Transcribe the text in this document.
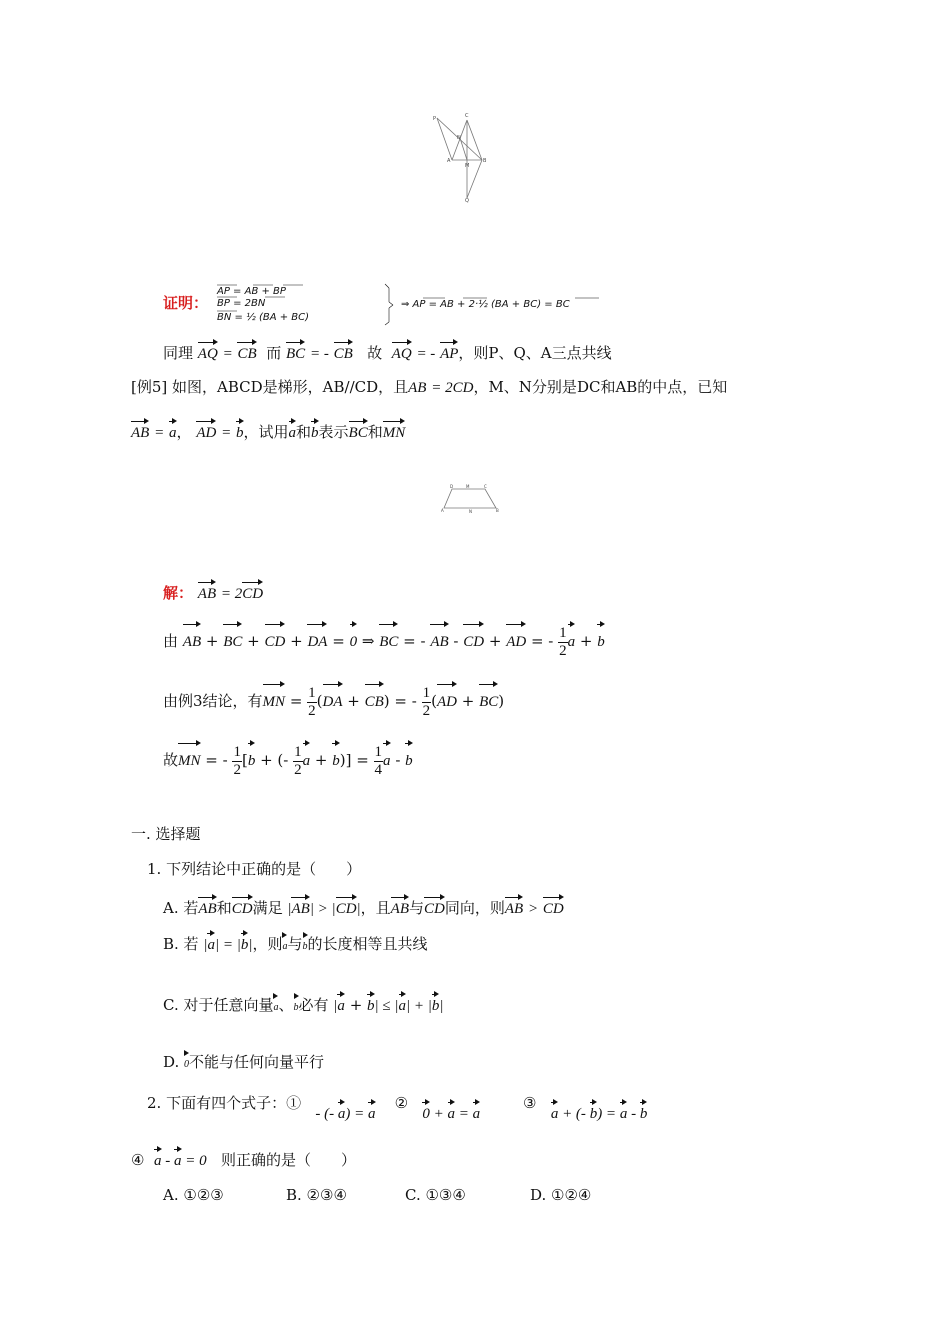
P	C
N
A	B
M
Q
证明：
AP = AB + BP
BP = 2BN
BN = ½ (BA + BC)
⇒ AP = AB + 2·½ (BA + BC) = BC
同理 AQ = CB 而 BC = - CB 故 AQ = - AP，则P、Q、A三点共线
[例5] 如图，ABCD是梯形，AB//CD，且AB = 2CD，M、N分别是DC和AB的中点，已知
AB = a， AD = b，试用a和b表示BC和MN
D	M	C
A	N	B
解： AB = 2CD
由 AB + BC + CD + DA = 0 ⇒ BC = - AB - CD + AD = - $\frac{1}{2}$ a + b
由例3结论，有MN = $\frac{1}{2} (DA + CB)$ = - $\frac{1}{2} (AD + BC)$
故MN = - $\frac{1}{2} [b$ + (- $\frac{1}{2}$ $a + b)] = \frac{1}{4}$ a - b
一. 选择题
1. 下列结论中正确的是（　　）
A. 若AB和CD满足 |AB| > |CD|，且AB与CD同向，则AB > CD
B. 若 |a| = |b|，则a与b的长度相等且共线
C. 对于任意向量a、b必有 |a + b| ≤ |a| + |b|
D. 0不能与任何向量平行
2. 下面有四个式子：①   - (- a) = a    ②   0 + a = a         ③   a + (- b) = a - b
④ a - a = 0 则正确的是（　　）
A. ①②③	B. ②③④	C. ①③④	D. ①②④
